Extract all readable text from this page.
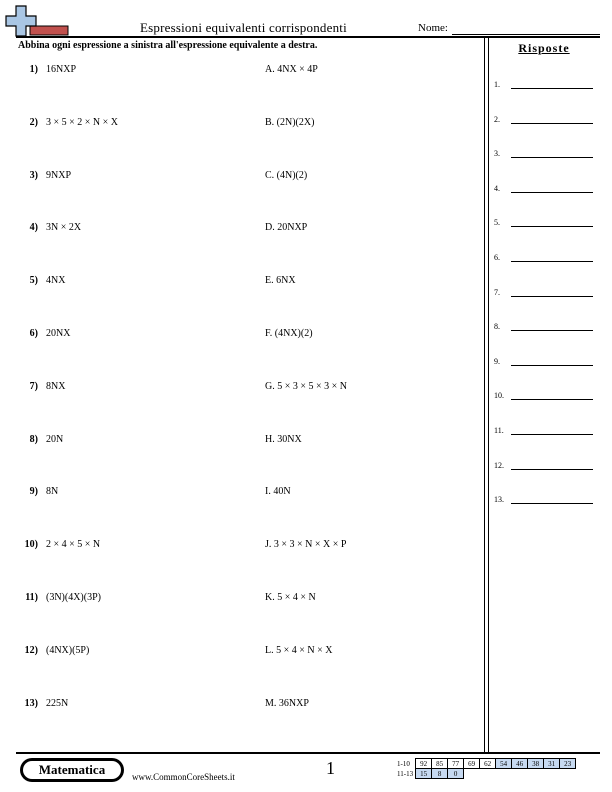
Espressioni equivalenti corrispondenti	Nome:
Abbina ogni espressione a sinistra all'espressione equivalente a destra.	Risposte
1) 16NXP	A. 4NX × 4P
2) 3 × 5 × 2 × N × X	B. (2N)(2X)
3) 9NXP	C. (4N)(2)
4) 3N × 2X	D. 20NXP
5) 4NX	E. 6NX
6) 20NX	F. (4NX)(2)
7) 8NX	G. 5 × 3 × 5 × 3 × N
8) 20N	H. 30NX
9) 8N	I. 40N
10) 2 × 4 × 5 × N	J. 3 × 3 × N × X × P
11) (3N)(4X)(3P)	K. 5 × 4 × N
12) (4NX)(5P)	L. 5 × 4 × N × X
13) 225N	M. 36NXP
1.
2.
3.
4.
5.
6.
7.
8.
9.
10.
11.
12.
13.
Matematica	www.CommonCoreSheets.it	1	1-10	92	85	77	69	62	54	46	38	31	23
11-13	15	8	0							
